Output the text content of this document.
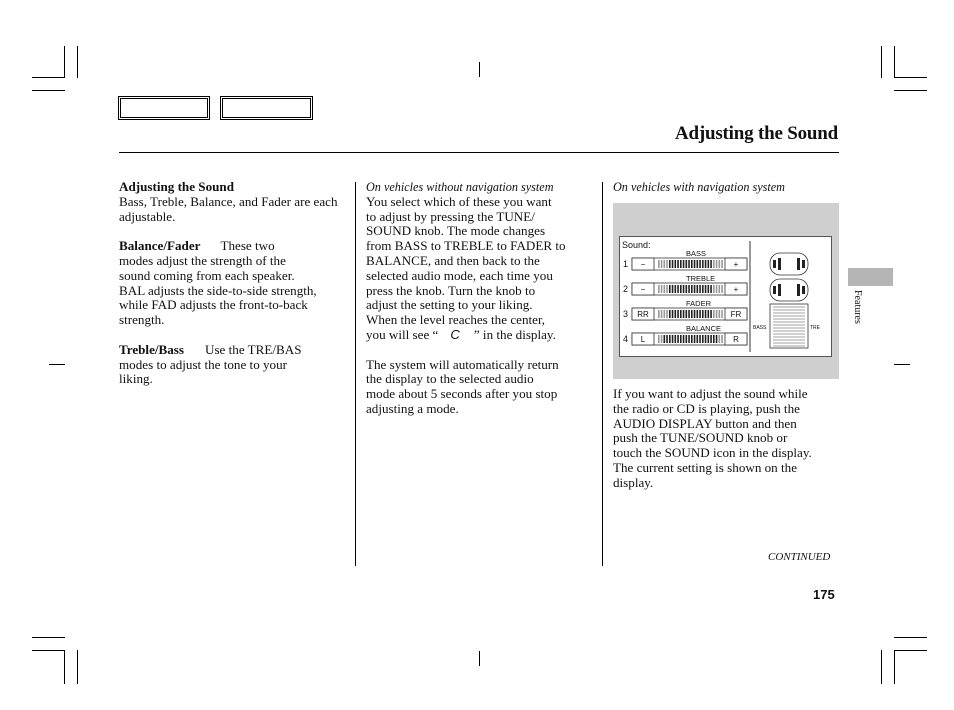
Adjusting the Sound

Adjusting the Sound

Bass, Treble, Balance, and Fader are each adjustable.

Balance/Fader These two

modes adjust the strength of the

sound coming from each speaker.

BAL adjusts the side-to-side strength,

while FAD adjusts the front-to-back

strength.

Treble/Bass Use the TRE/BAS

modes to adjust the tone to your

liking.

On vehicles without navigation system

You select which of these you want

to adjust by pressing the TUNE/

SOUND knob. The mode changes

from BASS to TREBLE to FADER to

BALANCE, and then back to the

selected audio mode, each time you

press the knob. Turn the knob to

adjust the setting to your liking.

When the level reaches the center,

you will see “ C ” in the display.

The system will automatically return

the display to the selected audio

mode about 5 seconds after you stop

adjusting a mode.

On vehicles with navigation system

Sound:
BASS
1 −	+
TREBLE
2 −	+
FADER
3 RR	FR
BALANCE
4 L	R
BASS	TRE

If you want to adjust the sound while

the radio or CD is playing, push the

AUDIO DISPLAY button and then

push the TUNE/SOUND knob or

touch the SOUND icon in the display.

The current setting is shown on the

display.

Features
CONTINUED
175
